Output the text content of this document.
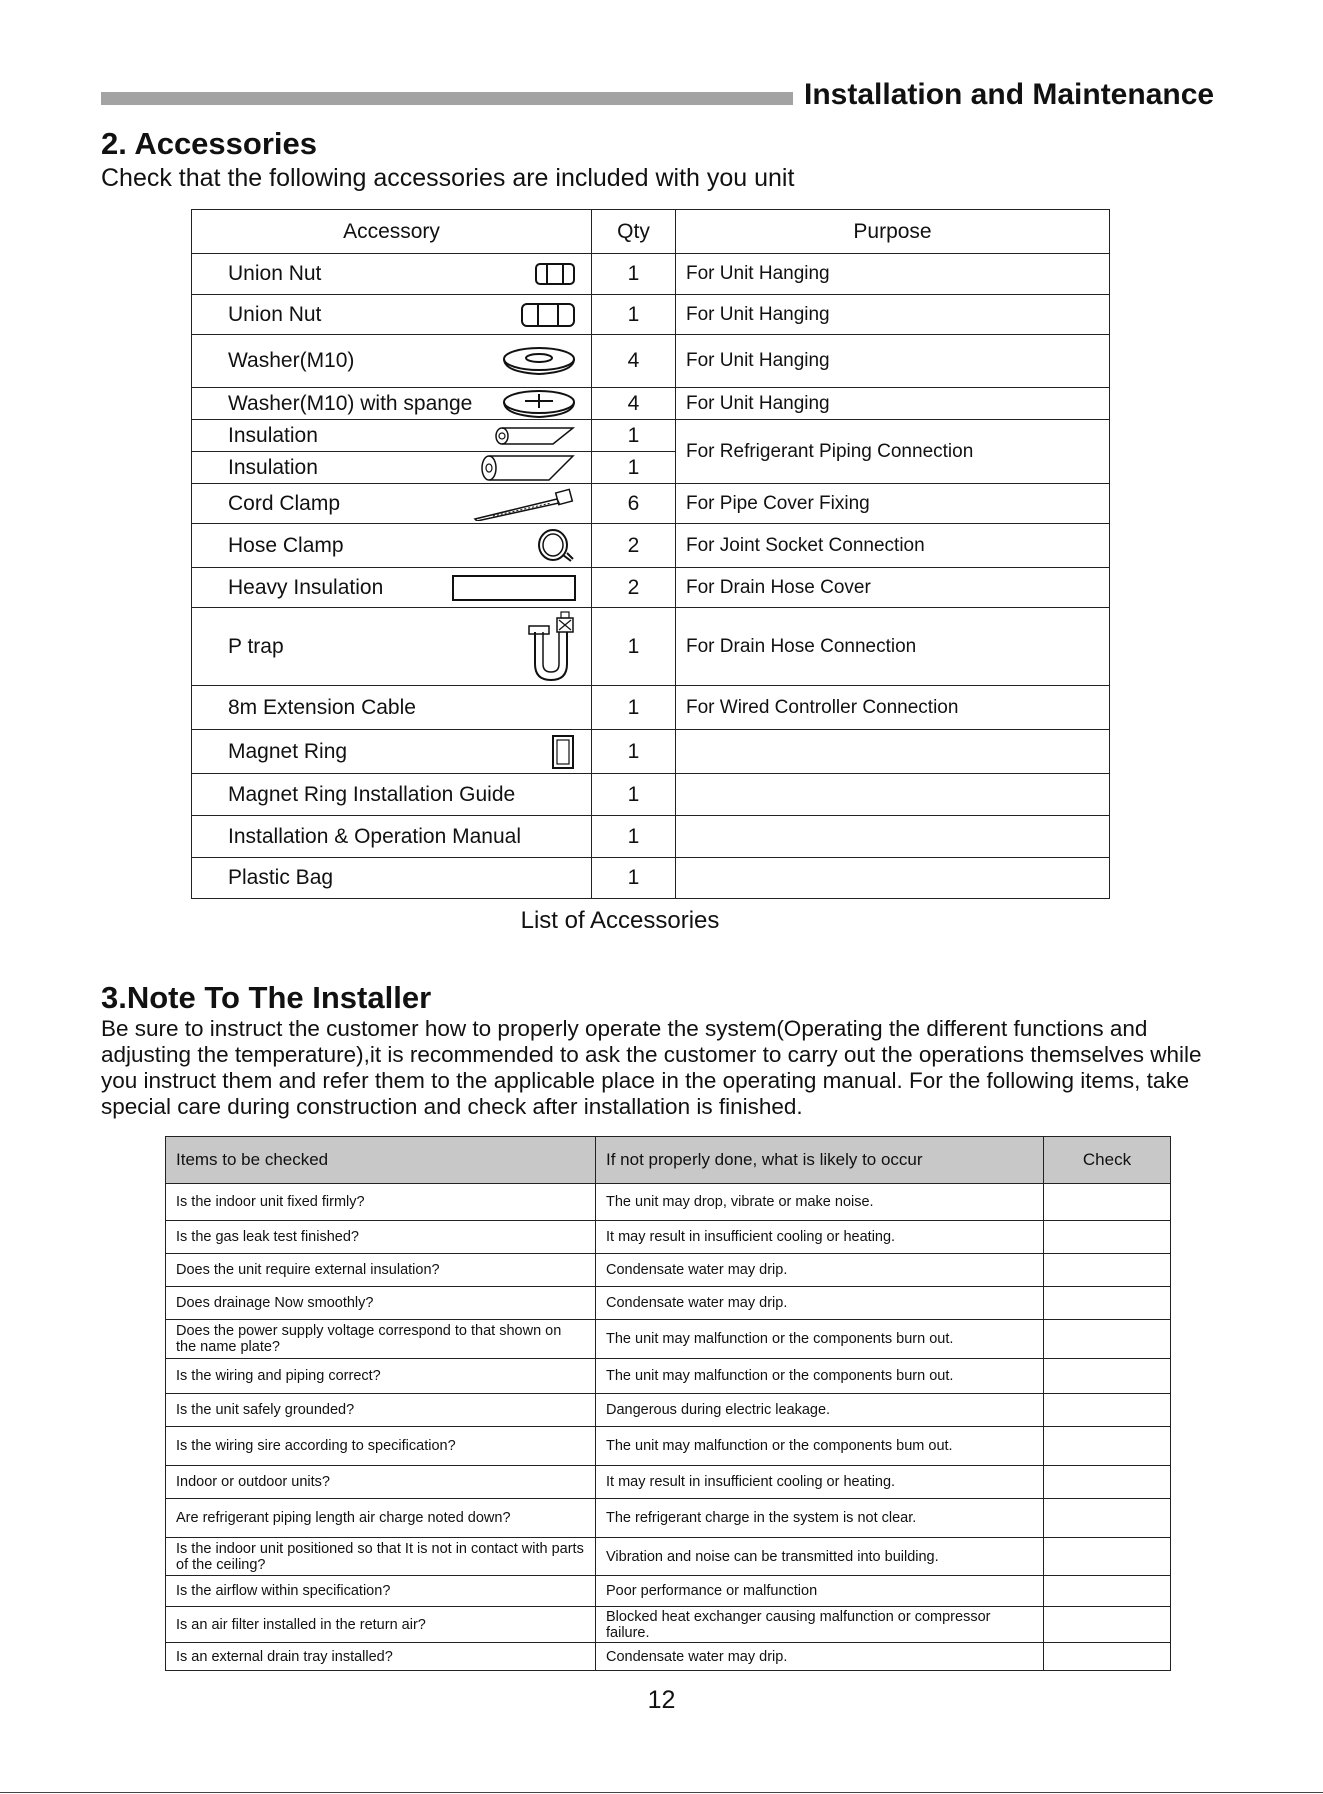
Installation and Maintenance
2. Accessories
Check that the following accessories are included with you unit
Accessory	Qty	Purpose
Union Nut	1	For Unit Hanging
Union Nut	1	For Unit Hanging
Washer(M10)	4	For Unit Hanging
Washer(M10) with spange	4	For Unit Hanging
Insulation	1	For Refrigerant Piping Connection
Insulation	1	
Cord Clamp	6	For Pipe Cover Fixing
Hose Clamp	2	For Joint Socket Connection
Heavy Insulation	2	For Drain Hose Cover
P trap	1	For Drain Hose Connection
8m Extension Cable	1	For Wired Controller Connection
Magnet Ring	1	
Magnet Ring Installation Guide	1	
Installation & Operation Manual	1	
Plastic Bag	1	
List of Accessories
3.Note To The Installer
Be sure to instruct the customer how to properly operate the system(Operating the different functions and adjusting the temperature),it is recommended to ask the customer to carry out the operations themselves while you instruct them and refer them to the applicable place in the operating manual. For the following items, take special care during construction and check after installation is finished.
Items to be checked	If not properly done, what is likely to occur	Check
Is the indoor unit fixed firmly?	The unit may drop, vibrate or make noise.	
Is the gas leak test finished?	It may result in insufficient cooling or heating.	
Does the unit require external insulation?	Condensate water may drip.	
Does drainage Now smoothly?	Condensate water may drip.	
Does the power supply voltage correspond to that shown on the name plate?	The unit may malfunction or the components burn out.	
Is the wiring and piping correct?	The unit may malfunction or the components burn out.	
Is the unit safely grounded?	Dangerous during electric leakage.	
Is the wiring sire according to specification?	The unit may malfunction or the components bum out.	
Indoor or outdoor units?	It may result in insufficient cooling or heating.	
Are refrigerant piping length air charge noted down?	The refrigerant charge in the system is not clear.	
Is the indoor unit positioned so that It is not in contact with parts of the ceiling?	Vibration and noise can be transmitted into building.	
Is the airflow within specification?	Poor performance or malfunction	
Is an air filter installed in the return air?	Blocked heat exchanger causing malfunction or compressor failure.	
Is an external drain tray installed?	Condensate water may drip.	
12
